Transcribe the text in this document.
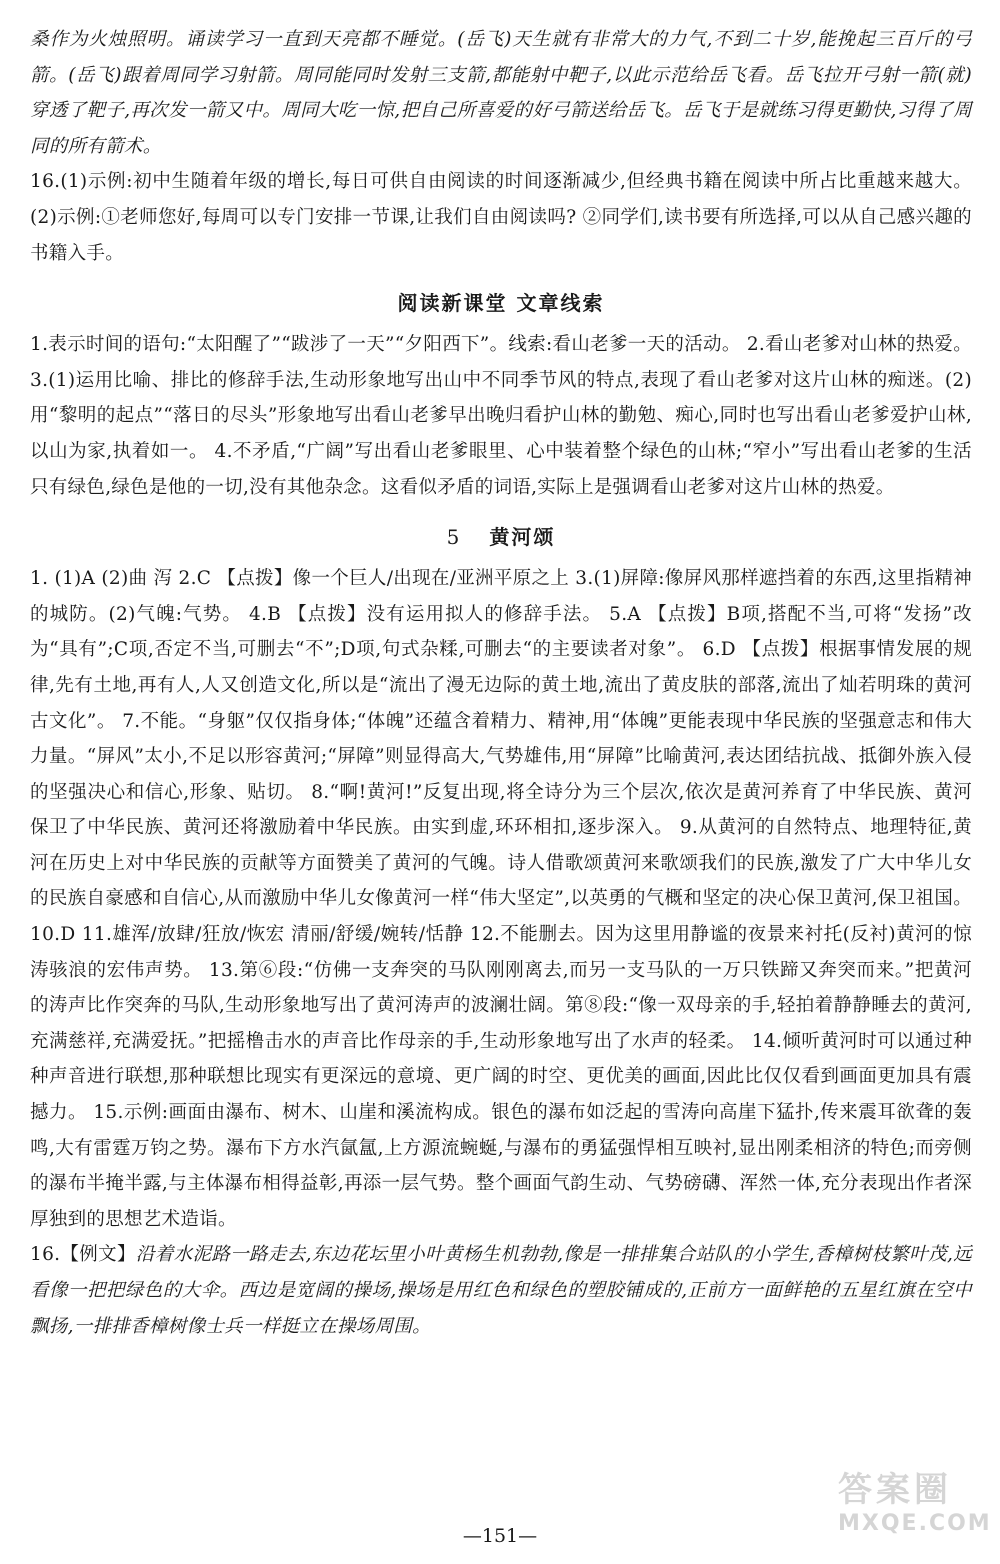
桑作为火烛照明。诵读学习一直到天亮都不睡觉。(岳飞)天生就有非常大的力气,不到二十岁,能挽起三百斤的弓箭。(岳飞)跟着周同学习射箭。周同能同时发射三支箭,都能射中靶子,以此示范给岳飞看。岳飞拉开弓射一箭(就)穿透了靶子,再次发一箭又中。周同大吃一惊,把自己所喜爱的好弓箭送给岳飞。岳飞于是就练习得更勤快,习得了周同的所有箭术。

16.(1)示例:初中生随着年级的增长,每日可供自由阅读的时间逐渐减少,但经典书籍在阅读中所占比重越来越大。 (2)示例:①老师您好,每周可以专门安排一节课,让我们自由阅读吗? ②同学们,读书要有所选择,可以从自己感兴趣的书籍入手。

阅读新课堂 文章线索

1.表示时间的语句:“太阳醒了”“跋涉了一天”“夕阳西下”。线索:看山老爹一天的活动。 2.看山老爹对山林的热爱。 3.(1)运用比喻、排比的修辞手法,生动形象地写出山中不同季节风的特点,表现了看山老爹对这片山林的痴迷。(2)用“黎明的起点”“落日的尽头”形象地写出看山老爹早出晚归看护山林的勤勉、痴心,同时也写出看山老爹爱护山林,以山为家,执着如一。 4.不矛盾,“广阔”写出看山老爹眼里、心中装着整个绿色的山林;“窄小”写出看山老爹的生活只有绿色,绿色是他的一切,没有其他杂念。这看似矛盾的词语,实际上是强调看山老爹对这片山林的热爱。

5 黄河颂

1. (1)A (2)曲 泻 2.C 【点拨】像一个巨人/出现在/亚洲平原之上 3.(1)屏障:像屏风那样遮挡着的东西,这里指精神的城防。(2)气魄:气势。 4.B 【点拨】没有运用拟人的修辞手法。 5.A 【点拨】B项,搭配不当,可将“发扬”改为“具有”;C项,否定不当,可删去“不”;D项,句式杂糅,可删去“的主要读者对象”。 6.D 【点拨】根据事情发展的规律,先有土地,再有人,人又创造文化,所以是“流出了漫无边际的黄土地,流出了黄皮肤的部落,流出了灿若明珠的黄河古文化”。 7.不能。“身躯”仅仅指身体;“体魄”还蕴含着精力、精神,用“体魄”更能表现中华民族的坚强意志和伟大力量。“屏风”太小,不足以形容黄河;“屏障”则显得高大,气势雄伟,用“屏障”比喻黄河,表达团结抗战、抵御外族入侵的坚强决心和信心,形象、贴切。 8.“啊!黄河!”反复出现,将全诗分为三个层次,依次是黄河养育了中华民族、黄河保卫了中华民族、黄河还将激励着中华民族。由实到虚,环环相扣,逐步深入。 9.从黄河的自然特点、地理特征,黄河在历史上对中华民族的贡献等方面赞美了黄河的气魄。诗人借歌颂黄河来歌颂我们的民族,激发了广大中华儿女的民族自豪感和自信心,从而激励中华儿女像黄河一样“伟大坚定”,以英勇的气概和坚定的决心保卫黄河,保卫祖国。 10.D 11.雄浑/放肆/狂放/恢宏 清丽/舒缓/婉转/恬静 12.不能删去。因为这里用静谧的夜景来衬托(反衬)黄河的惊涛骇浪的宏伟声势。 13.第⑥段:“仿佛一支奔突的马队刚刚离去,而另一支马队的一万只铁蹄又奔突而来。”把黄河的涛声比作突奔的马队,生动形象地写出了黄河涛声的波澜壮阔。第⑧段:“像一双母亲的手,轻拍着静静睡去的黄河,充满慈祥,充满爱抚。”把摇橹击水的声音比作母亲的手,生动形象地写出了水声的轻柔。 14.倾听黄河时可以通过种种声音进行联想,那种联想比现实有更深远的意境、更广阔的时空、更优美的画面,因此比仅仅看到画面更加具有震撼力。 15.示例:画面由瀑布、树木、山崖和溪流构成。银色的瀑布如泛起的雪涛向高崖下猛扑,传来震耳欲聋的轰鸣,大有雷霆万钧之势。瀑布下方水汽氤氲,上方源流蜿蜒,与瀑布的勇猛强悍相互映衬,显出刚柔相济的特色;而旁侧的瀑布半掩半露,与主体瀑布相得益彰,再添一层气势。整个画面气韵生动、气势磅礴、浑然一体,充分表现出作者深厚独到的思想艺术造诣。

16.【例文】沿着水泥路一路走去,东边花坛里小叶黄杨生机勃勃,像是一排排集合站队的小学生,香樟树枝繁叶茂,远看像一把把绿色的大伞。西边是宽阔的操场,操场是用红色和绿色的塑胶铺成的,正前方一面鲜艳的五星红旗在空中飘扬,一排排香樟树像士兵一样挺立在操场周围。

答案圈
MXQE.COM
—151—
